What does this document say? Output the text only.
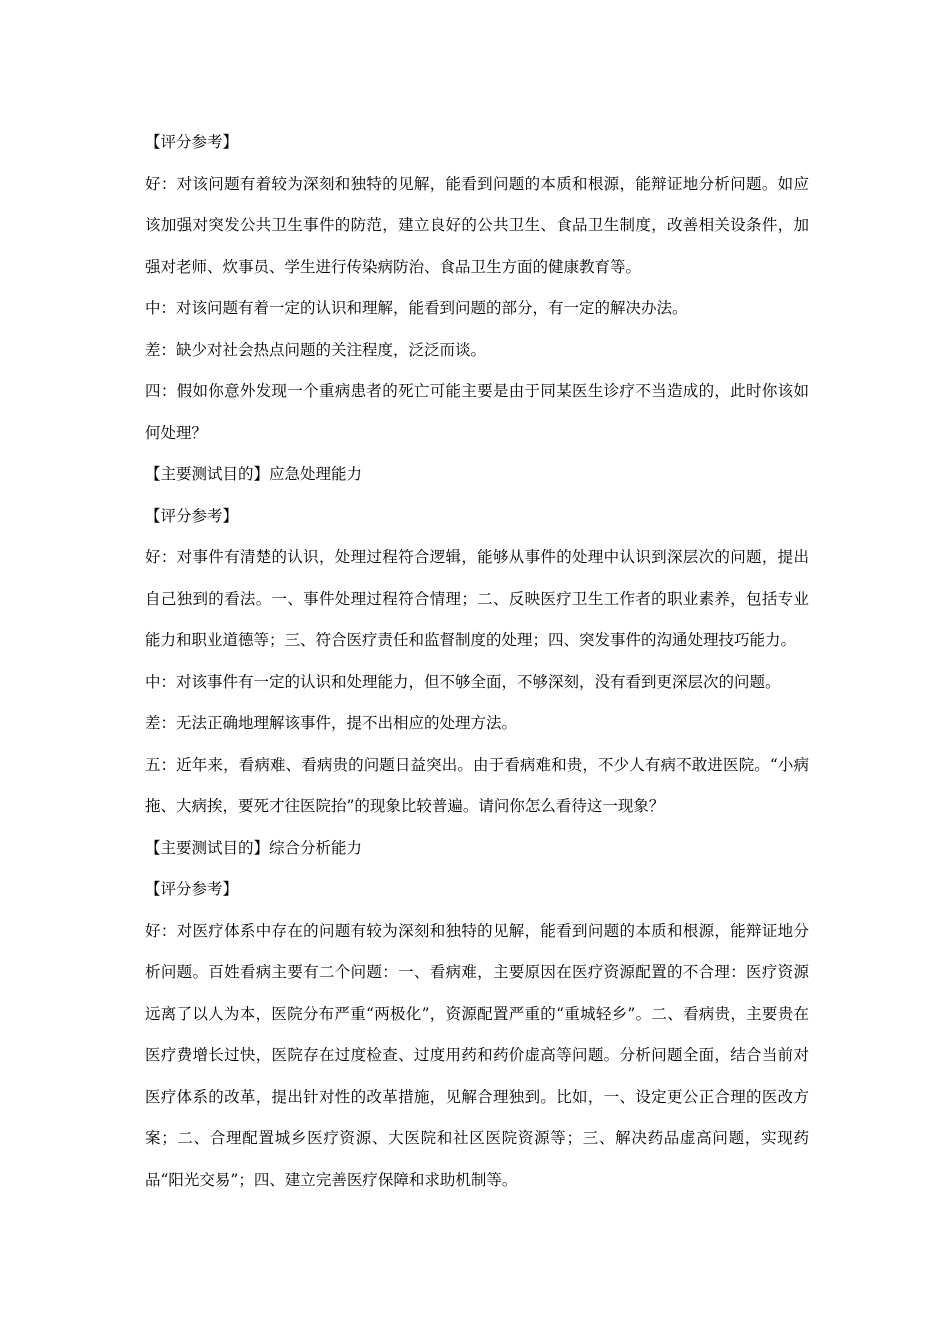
【评分参考】

好：对该问题有着较为深刻和独特的见解，能看到问题的本质和根源，能辩证地分析问题。如应该加强对突发公共卫生事件的防范，建立良好的公共卫生、食品卫生制度，改善相关设条件，加强对老师、炊事员、学生进行传染病防治、食品卫生方面的健康教育等。

中：对该问题有着一定的认识和理解，能看到问题的部分，有一定的解决办法。

差：缺少对社会热点问题的关注程度，泛泛而谈。

四：假如你意外发现一个重病患者的死亡可能主要是由于同某医生诊疗不当造成的，此时你该如何处理？

【主要测试目的】应急处理能力

【评分参考】

好：对事件有清楚的认识，处理过程符合逻辑，能够从事件的处理中认识到深层次的问题，提出自己独到的看法。一、事件处理过程符合情理；二、反映医疗卫生工作者的职业素养，包括专业能力和职业道德等；三、符合医疗责任和监督制度的处理；四、突发事件的沟通处理技巧能力。

中：对该事件有一定的认识和处理能力，但不够全面，不够深刻，没有看到更深层次的问题。

差：无法正确地理解该事件，提不出相应的处理方法。

五：近年来，看病难、看病贵的问题日益突出。由于看病难和贵，不少人有病不敢进医院。“小病拖、大病挨，要死才往医院抬”的现象比较普遍。请问你怎么看待这一现象？

【主要测试目的】综合分析能力

【评分参考】

好：对医疗体系中存在的问题有较为深刻和独特的见解，能看到问题的本质和根源，能辩证地分析问题。百姓看病主要有二个问题：一、看病难，主要原因在医疗资源配置的不合理：医疗资源远离了以人为本，医院分布严重“两极化”，资源配置严重的“重城轻乡”。二、看病贵，主要贵在医疗费增长过快，医院存在过度检查、过度用药和药价虚高等问题。分析问题全面，结合当前对医疗体系的改革，提出针对性的改革措施，见解合理独到。比如，一、设定更公正合理的医改方案；二、合理配置城乡医疗资源、大医院和社区医院资源等；三、解决药品虚高问题，实现药品“阳光交易”；四、建立完善医疗保障和求助机制等。
